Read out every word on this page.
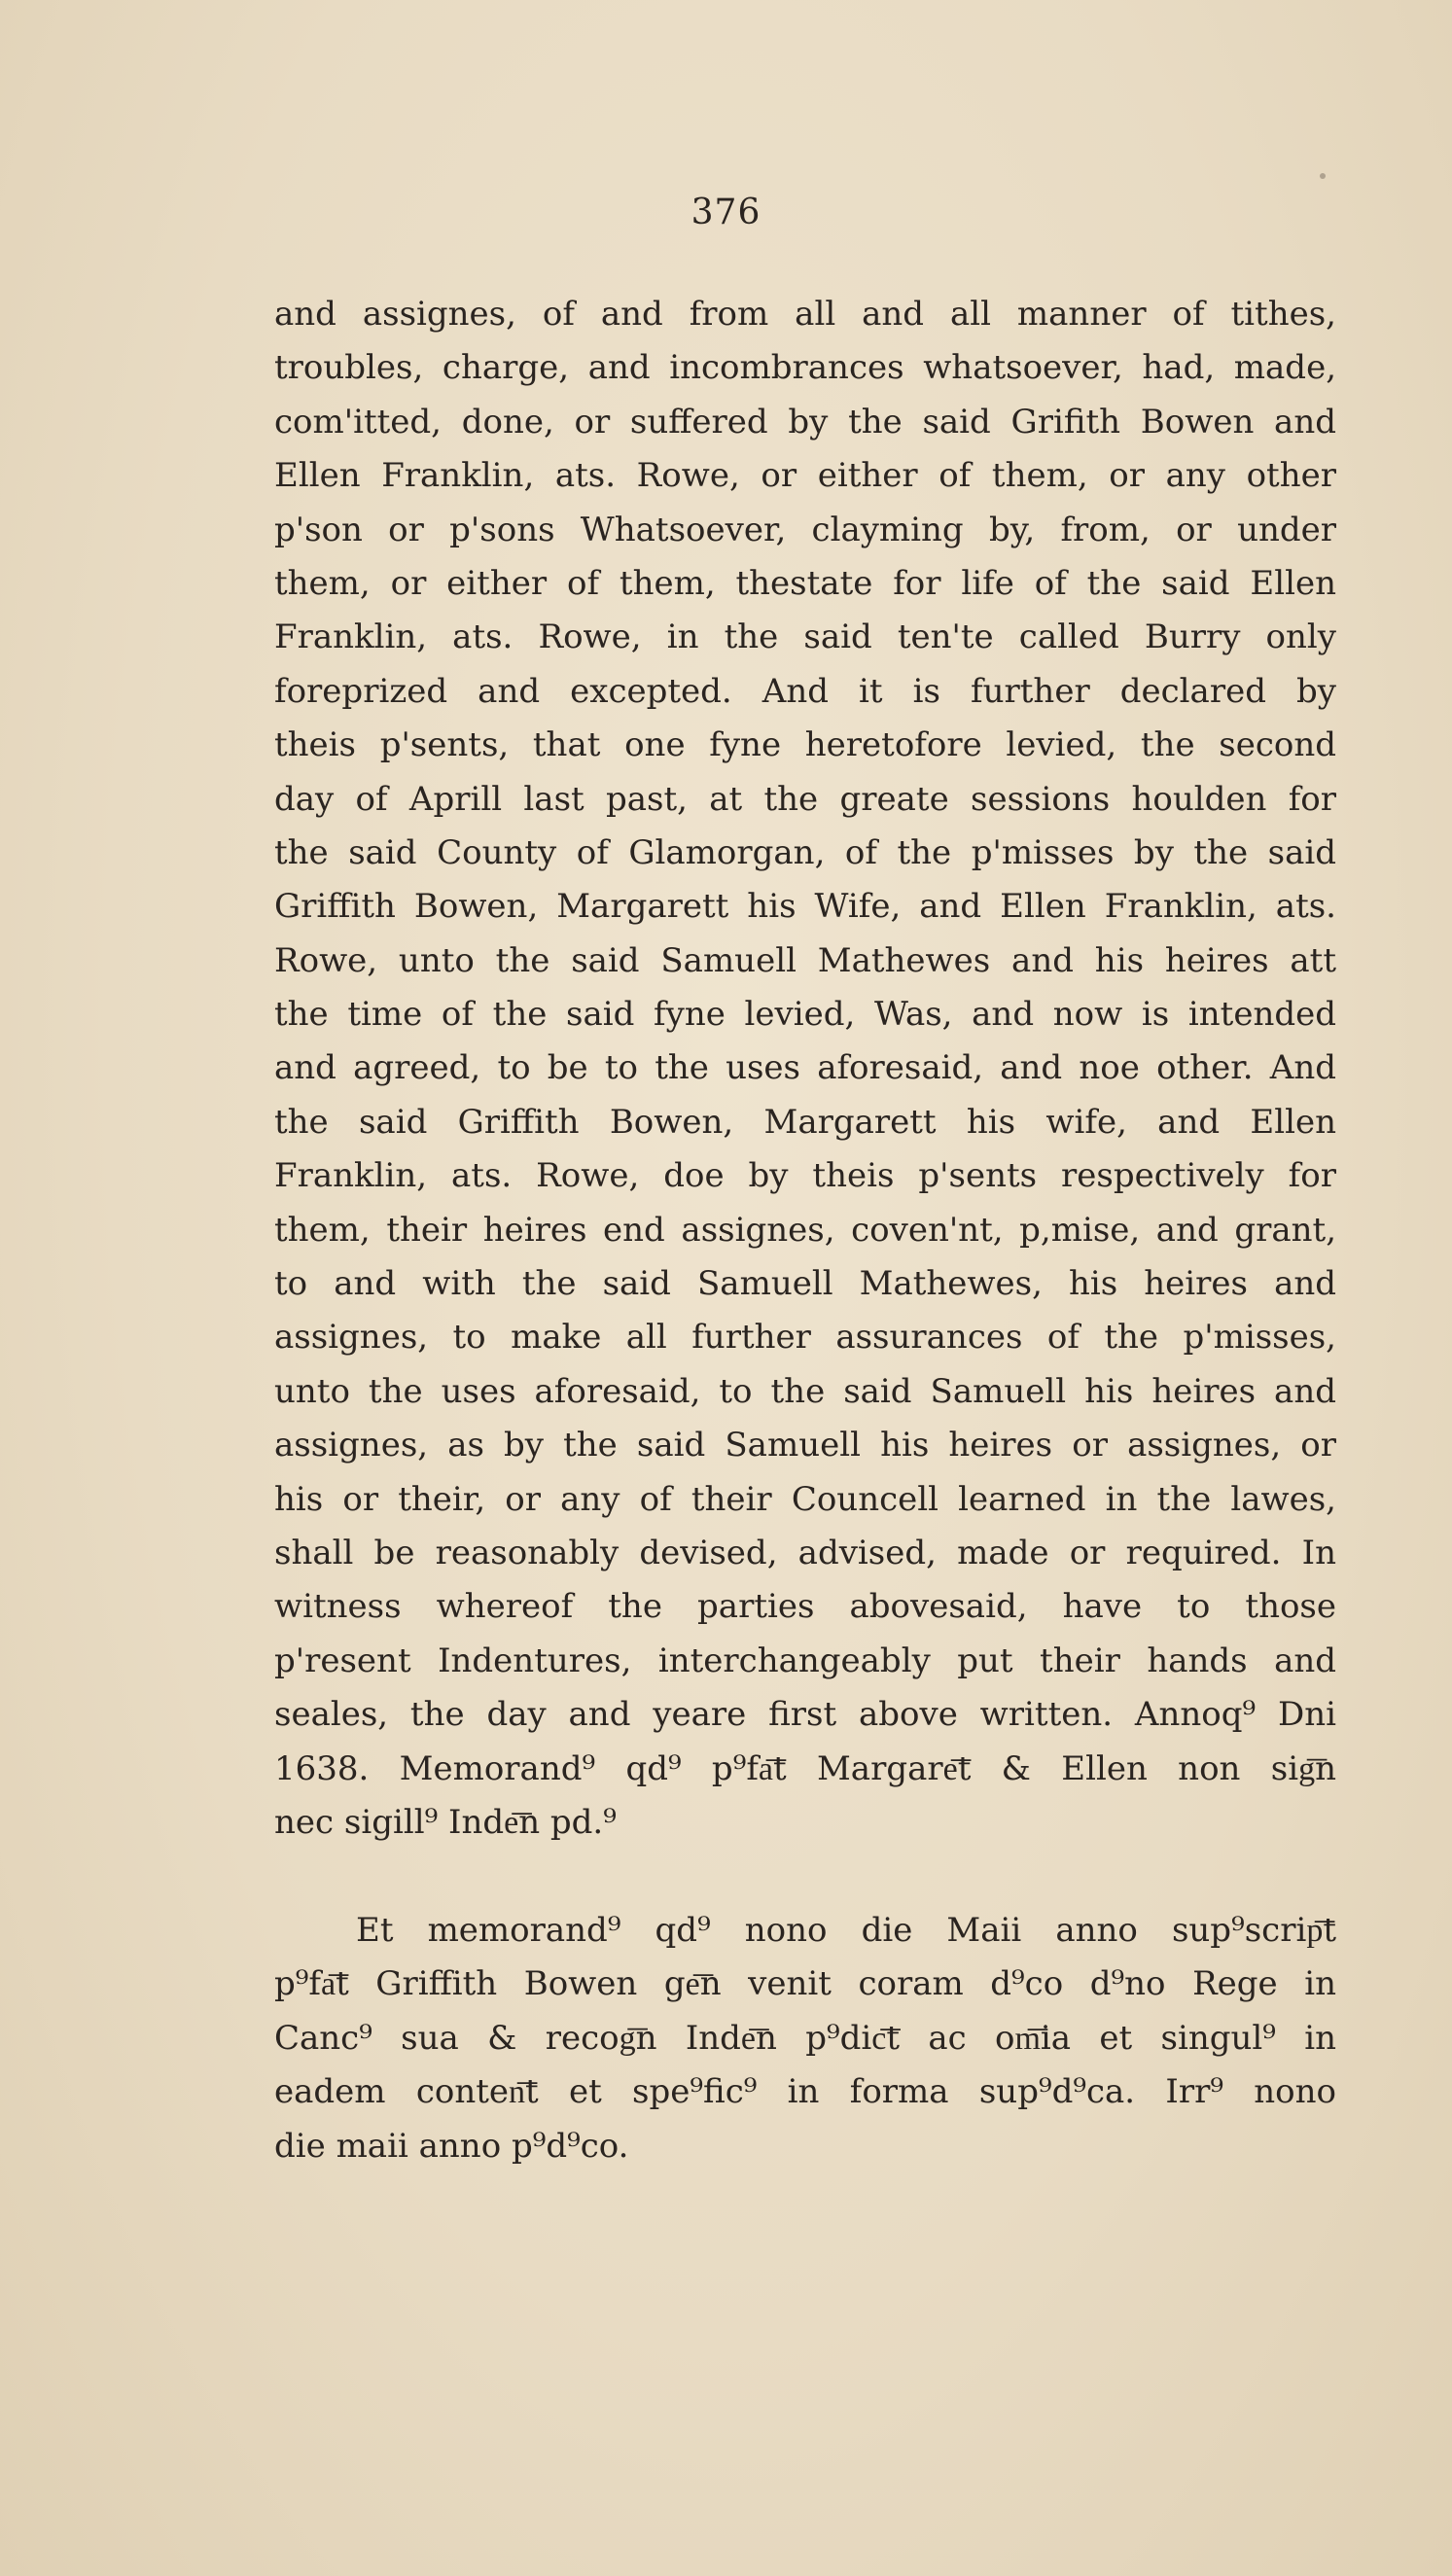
376
and assignes, of and from all and all manner of tithes,
troubles, charge, and incombrances whatsoever, had, made,
com'itted, done, or suffered by the said Grifith Bowen and
Ellen Franklin, ats. Rowe, or either of them, or any other
p'son or p'sons Whatsoever, clayming by, from, or under
them, or either of them, thestate for life of the said Ellen
Franklin, ats. Rowe, in the said ten'te called Burry only
foreprized and excepted. And it is further declared by
theis p'sents, that one fyne heretofore levied, the second
day of Aprill last past, at the greate sessions houlden for
the said County of Glamorgan, of the p'misses by the said
Griffith Bowen, Margarett his Wife, and Ellen Franklin, ats.
Rowe, unto the said Samuell Mathewes and his heires att
the time of the said fyne levied, Was, and now is intended
and agreed, to be to the uses aforesaid, and noe other. And
the said Griffith Bowen, Margarett his wife, and Ellen
Franklin, ats. Rowe, doe by theis p'sents respectively for
them, their heires end assignes, coven'nt, p,mise, and grant,
to and with the said Samuell Mathewes, his heires and
assignes, to make all further assurances of the p'misses,
unto the uses aforesaid, to the said Samuell his heires and
assignes, as by the said Samuell his heires or assignes, or
his or their, or any of their Councell learned in the lawes,
shall be reasonably devised, advised, made or required. In
witness whereof the parties abovesaid, have to those
p'resent Indentures, interchangeably put their hands and
seales, the day and yeare first above written. Annoq⁹ Dni
1638. Memorand⁹ qd⁹ p⁹fa͞t Margare͞t & Ellen non sig͞n
nec sigill⁹ Inde͞n pd.⁹
Et memorand⁹ qd⁹ nono die Maii anno sup⁹scrip͞t
p⁹fa͞t Griffith Bowen ge͞n venit coram d⁹co d⁹no Rege in
Canc⁹ sua & recog͞n Inde͞n p⁹dic͞t ac om͞ia et singul⁹ in
eadem conten͞t et spe⁹fic⁹ in forma sup⁹d⁹ca. Irr⁹ nono
die maii anno p⁹d⁹co.
